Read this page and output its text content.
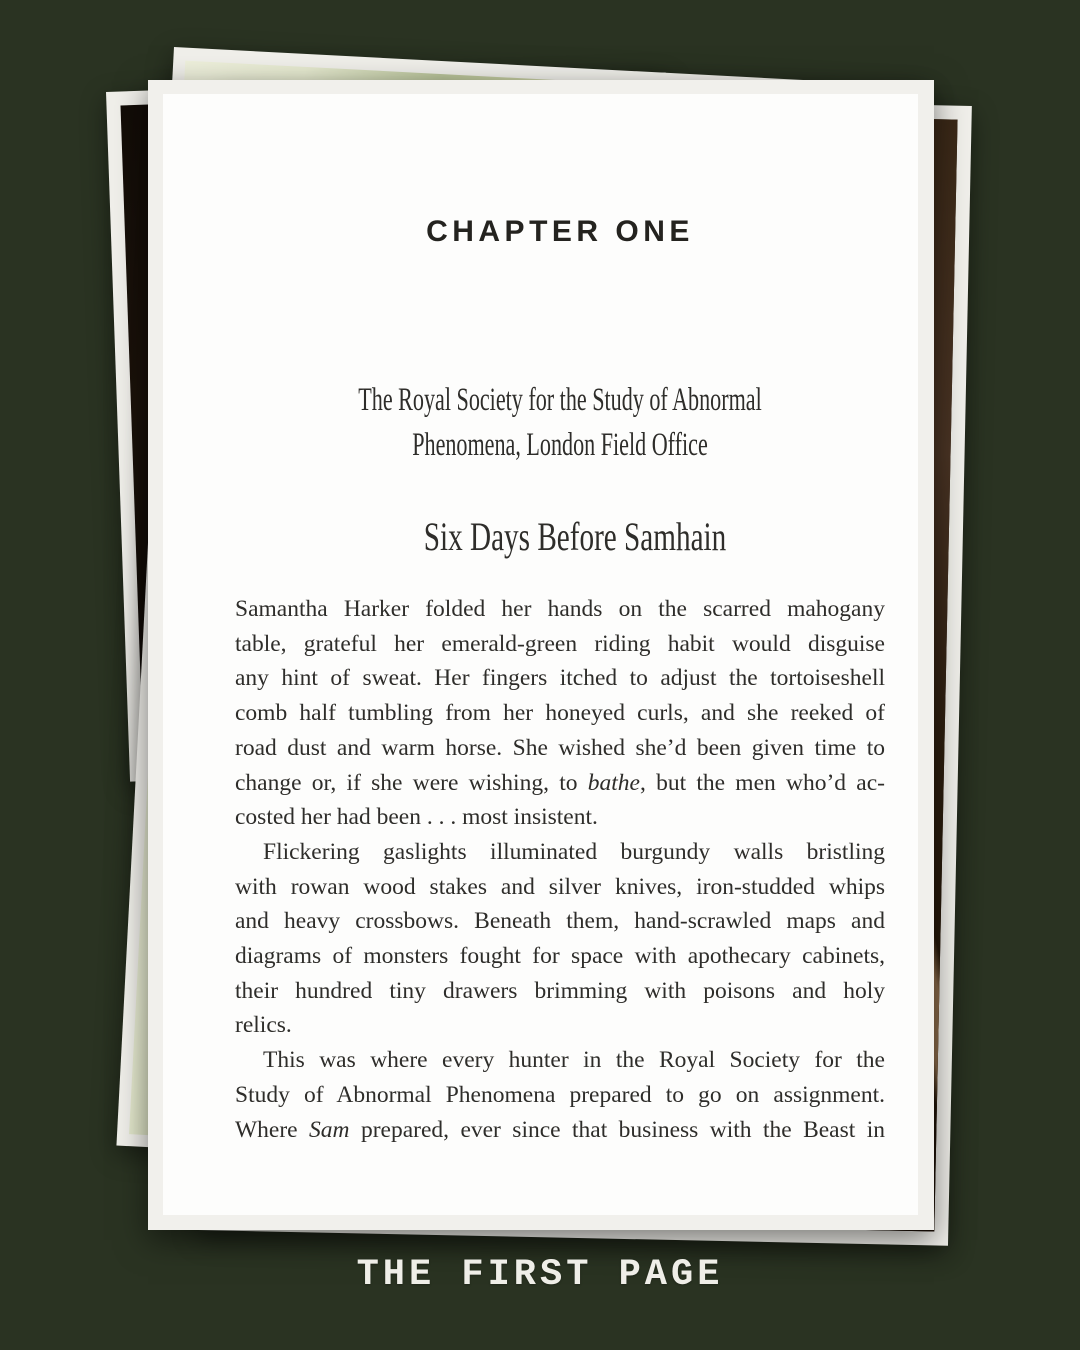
CHAPTER ONE
The Royal Society for the Study of Abnormal
Phenomena, London Field Office
Six Days Before Samhain
Samantha Harker folded her hands on the scarred mahogany
table, grateful her emerald-green riding habit would disguise
any hint of sweat. Her fingers itched to adjust the tortoiseshell
comb half tumbling from her honeyed curls, and she reeked of
road dust and warm horse. She wished she’d been given time to
change or, if she were wishing, to bathe, but the men who’d ac-
costed her had been . . . most insistent.
Flickering gaslights illuminated burgundy walls bristling
with rowan wood stakes and silver knives, iron-studded whips
and heavy crossbows. Beneath them, hand-scrawled maps and
diagrams of monsters fought for space with apothecary cabinets,
their hundred tiny drawers brimming with poisons and holy
relics.
This was where every hunter in the Royal Society for the
Study of Abnormal Phenomena prepared to go on assignment.
Where Sam prepared, ever since that business with the Beast in
THE FIRST PAGE
